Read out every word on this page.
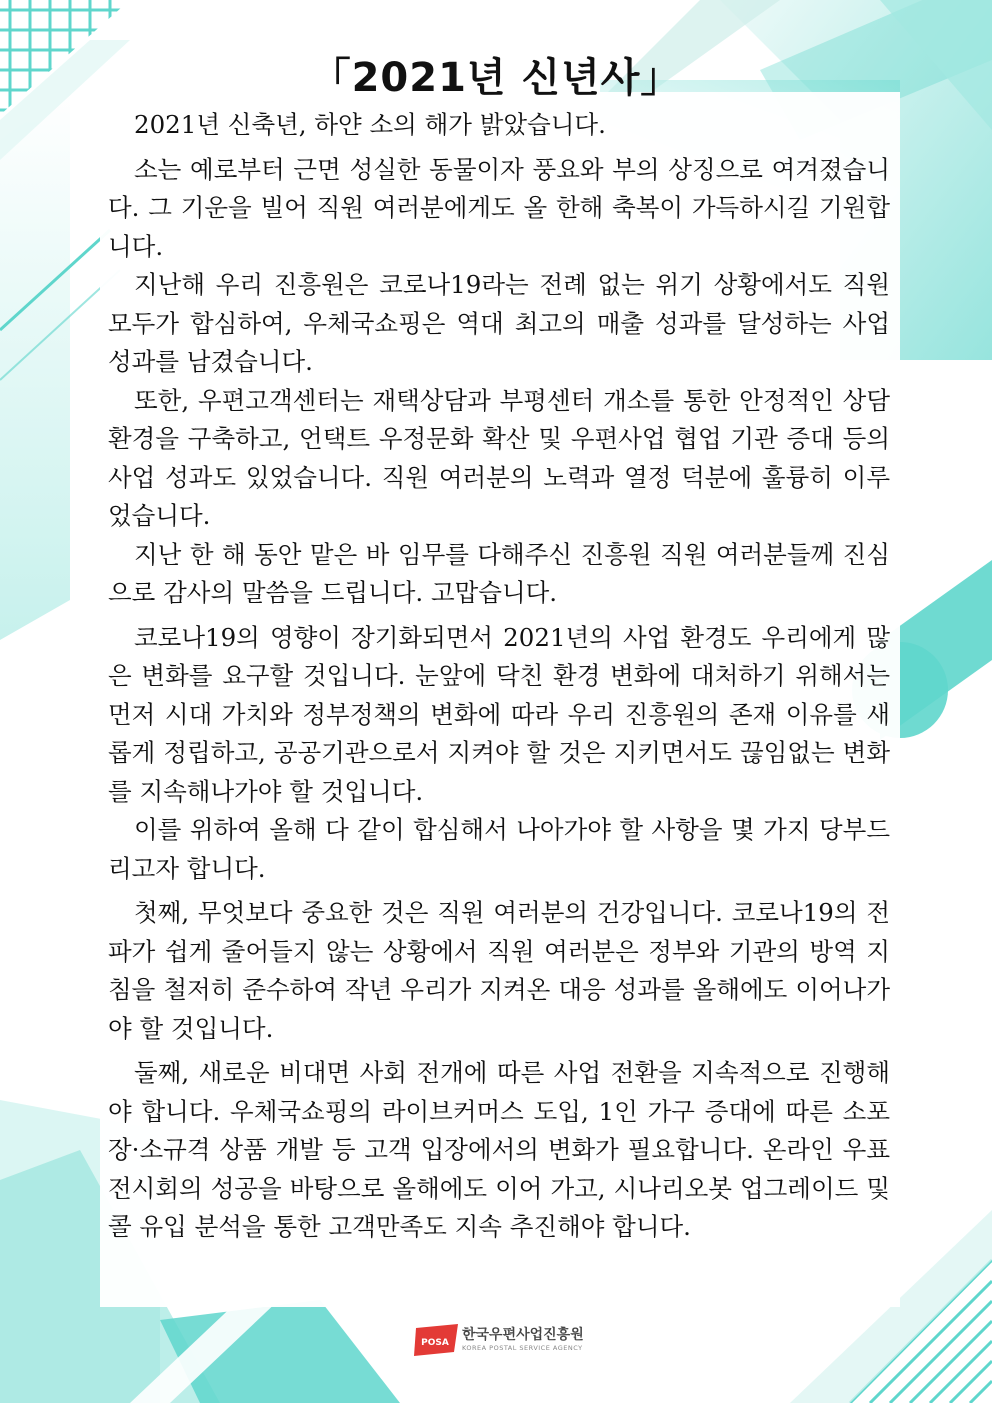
「2021년 신년사」

2021년 신축년, 하얀 소의 해가 밝았습니다.

소는 예로부터 근면 성실한 동물이자 풍요와 부의 상징으로 여겨졌습니다. 그 기운을 빌어 직원 여러분에게도 올 한해 축복이 가득하시길 기원합니다.

지난해 우리 진흥원은 코로나19라는 전례 없는 위기 상황에서도 직원 모두가 합심하여, 우체국쇼핑은 역대 최고의 매출 성과를 달성하는 사업 성과를 남겼습니다.

또한, 우편고객센터는 재택상담과 부평센터 개소를 통한 안정적인 상담 환경을 구축하고, 언택트 우정문화 확산 및 우편사업 협업 기관 증대 등의 사업 성과도 있었습니다. 직원 여러분의 노력과 열정 덕분에 훌륭히 이루었습니다.

지난 한 해 동안 맡은 바 임무를 다해주신 진흥원 직원 여러분들께 진심으로 감사의 말씀을 드립니다. 고맙습니다.

코로나19의 영향이 장기화되면서 2021년의 사업 환경도 우리에게 많은 변화를 요구할 것입니다. 눈앞에 닥친 환경 변화에 대처하기 위해서는 먼저 시대 가치와 정부정책의 변화에 따라 우리 진흥원의 존재 이유를 새롭게 정립하고, 공공기관으로서 지켜야 할 것은 지키면서도 끊임없는 변화를 지속해나가야 할 것입니다.

이를 위하여 올해 다 같이 합심해서 나아가야 할 사항을 몇 가지 당부드리고자 합니다.

첫째, 무엇보다 중요한 것은 직원 여러분의 건강입니다. 코로나19의 전파가 쉽게 줄어들지 않는 상황에서 직원 여러분은 정부와 기관의 방역 지침을 철저히 준수하여 작년 우리가 지켜온 대응 성과를 올해에도 이어나가야 할 것입니다.

둘째, 새로운 비대면 사회 전개에 따른 사업 전환을 지속적으로 진행해야 합니다. 우체국쇼핑의 라이브커머스 도입, 1인 가구 증대에 따른 소포장·소규격 상품 개발 등 고객 입장에서의 변화가 필요합니다. 온라인 우표전시회의 성공을 바탕으로 올해에도 이어 가고, 시나리오봇 업그레이드 및 콜 유입 분석을 통한 고객만족도 지속 추진해야 합니다.

POSA 한국우편사업진흥원
KOREA POSTAL SERVICE AGENCY
